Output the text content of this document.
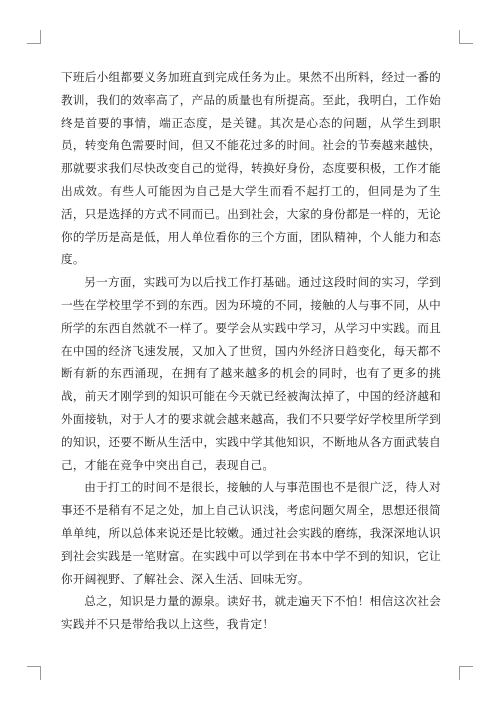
下班后小组都要义务加班直到完成任务为止。果然不出所料，经过一番的教训，我们的效率高了，产品的质量也有所提高。至此，我明白，工作始终是首要的事情，端正态度，是关键。其次是心态的问题，从学生到职员，转变角色需要时间，但又不能花过多的时间。社会的节奏越来越快，那就要求我们尽快改变自己的觉得，转换好身份，态度要积极，工作才能出成效。有些人可能因为自己是大学生而看不起打工的，但同是为了生活，只是选择的方式不同而已。出到社会，大家的身份都是一样的，无论你的学历是高是低，用人单位看你的三个方面，团队精神，个人能力和态度。

另一方面，实践可为以后找工作打基础。通过这段时间的实习，学到一些在学校里学不到的东西。因为环境的不同，接触的人与事不同，从中所学的东西自然就不一样了。要学会从实践中学习，从学习中实践。而且在中国的经济飞速发展，又加入了世贸，国内外经济日趋变化，每天都不断有新的东西涌现，在拥有了越来越多的机会的同时，也有了更多的挑战，前天才刚学到的知识可能在今天就已经被淘汰掉了，中国的经济越和外面接轨，对于人才的要求就会越来越高，我们不只要学好学校里所学到的知识，还要不断从生活中，实践中学其他知识，不断地从各方面武装自己，才能在竞争中突出自己，表现自己。

由于打工的时间不是很长，接触的人与事范围也不是很广泛，待人对事还不是稍有不足之处，加上自己认识浅，考虑问题欠周全，思想还很简单单纯，所以总体来说还是比较嫩。通过社会实践的磨练，我深深地认识到社会实践是一笔财富。在实践中可以学到在书本中学不到的知识，它让你开阔视野、了解社会、深入生活、回味无穷。

总之，知识是力量的源泉。读好书，就走遍天下不怕！相信这次社会实践并不只是带给我以上这些，我肯定！
